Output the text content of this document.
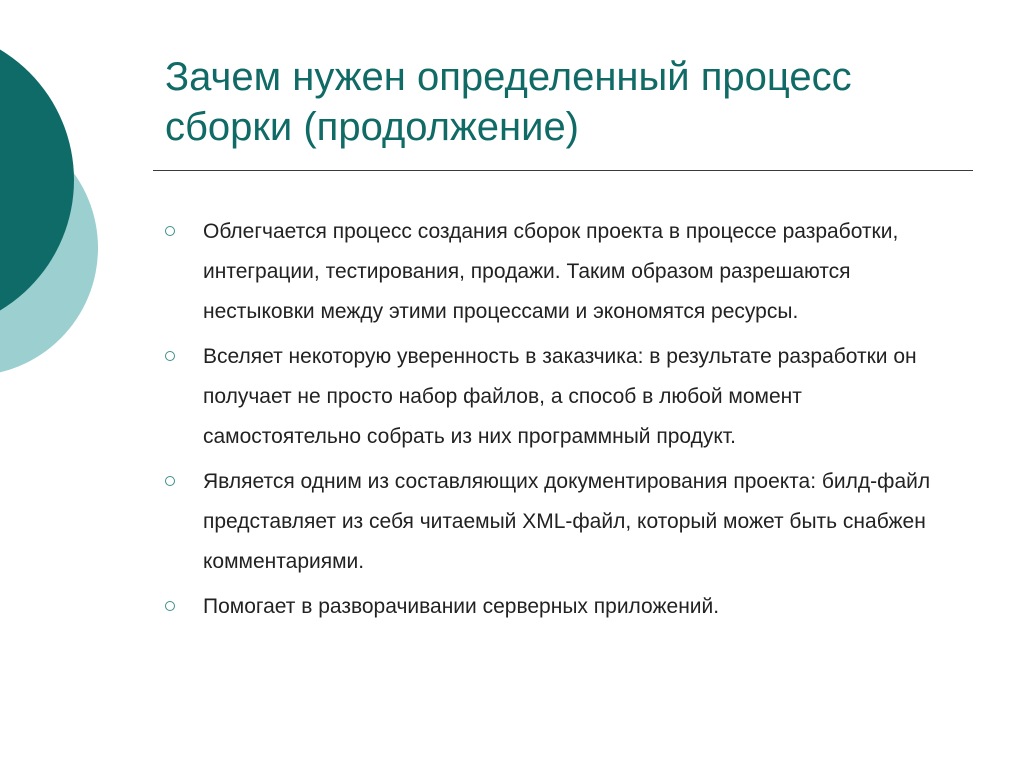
Зачем нужен определенный процесс сборки (продолжение)
Облегчается процесс создания сборок проекта в процессе разработки, интеграции, тестирования, продажи. Таким образом разрешаются нестыковки между этими процессами и экономятся ресурсы.
Вселяет некоторую уверенность в заказчика: в результате разработки он получает не просто набор файлов, а способ в любой момент самостоятельно собрать из них программный продукт.
Является одним из составляющих документирования проекта: билд-файл представляет из себя читаемый XML-файл, который может быть снабжен комментариями.
Помогает в разворачивании серверных приложений.
